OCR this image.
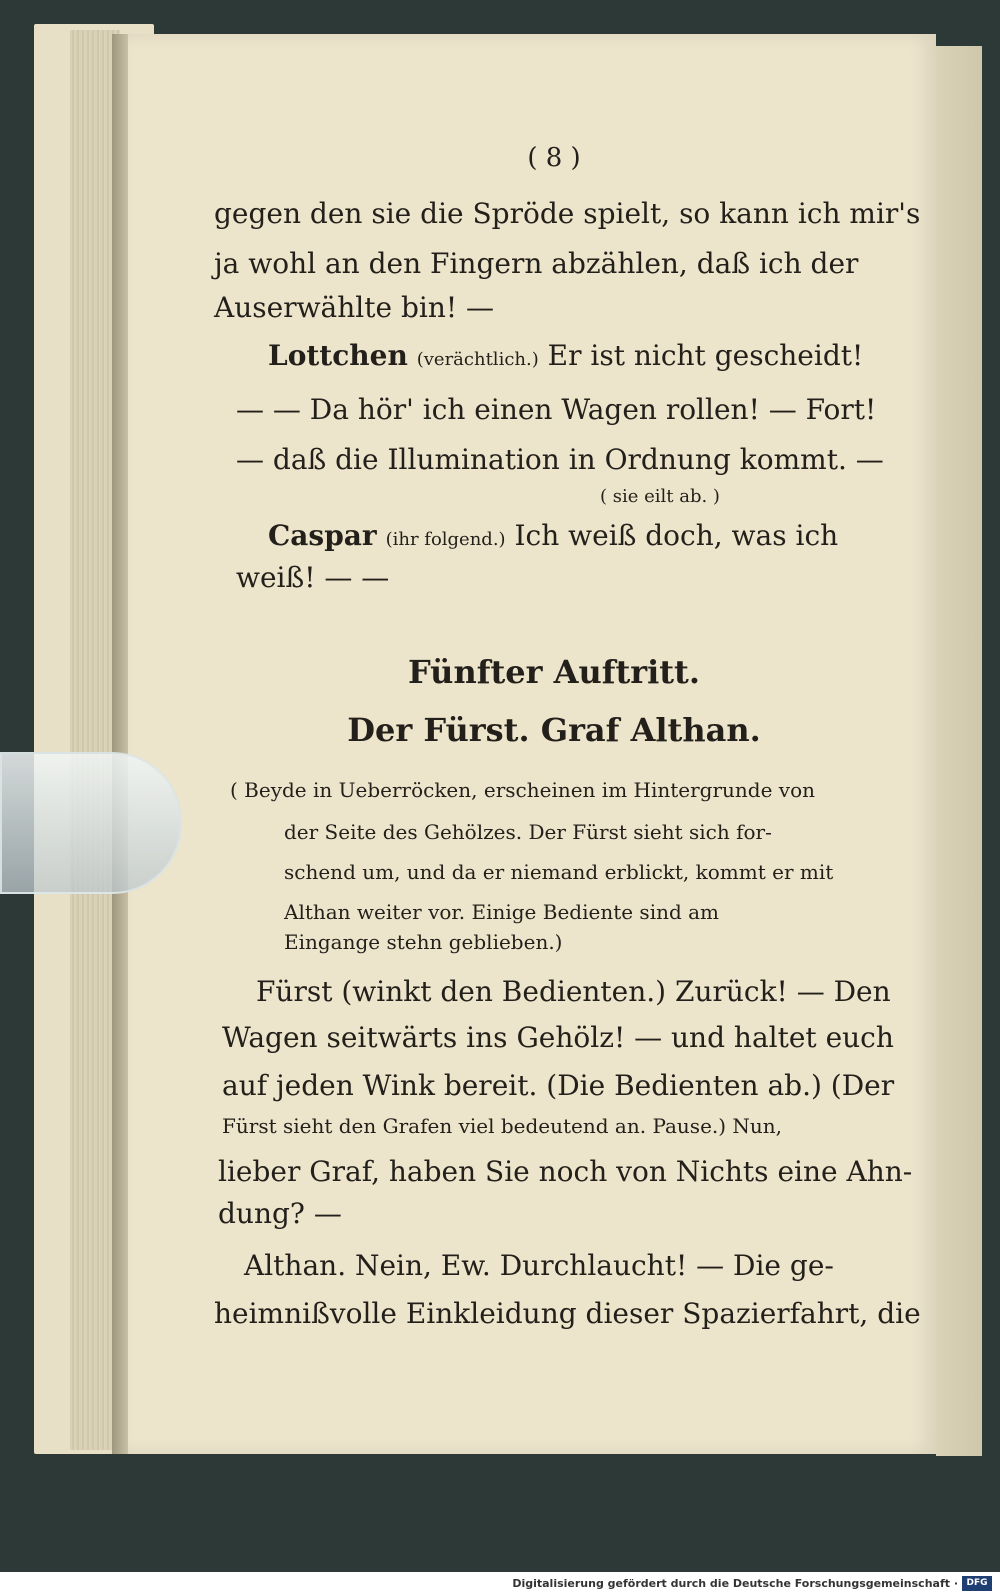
( 8 )
gegen den sie die Spröde spielt, so kann ich mir's
ja wohl an den Fingern abzählen, daß ich der
Auserwählte bin! —
Lottchen (verächtlich.) Er ist nicht gescheidt!
— — Da hör' ich einen Wagen rollen! — Fort!
— daß die Illumination in Ordnung kommt. —
( sie eilt ab. )
Caspar (ihr folgend.) Ich weiß doch, was ich
weiß! — —
Fünfter Auftritt.
Der Fürst. Graf Althan.
( Beyde in Ueberröcken, erscheinen im Hintergrunde von
der Seite des Gehölzes. Der Fürst sieht sich for-
schend um, und da er niemand erblickt, kommt er mit
Althan weiter vor. Einige Bediente sind am
Eingange stehn geblieben.)
Fürst (winkt den Bedienten.) Zurück! — Den
Wagen seitwärts ins Gehölz! — und haltet euch
auf jeden Wink bereit. (Die Bedienten ab.) (Der
Fürst sieht den Grafen viel bedeutend an. Pause.) Nun,
lieber Graf, haben Sie noch von Nichts eine Ahn-
dung? —
Althan. Nein, Ew. Durchlaucht! — Die ge-
heimnißvolle Einkleidung dieser Spazierfahrt, die
Digitalisierung gefördert durch die Deutsche Forschungsgemeinschaft · DFG
